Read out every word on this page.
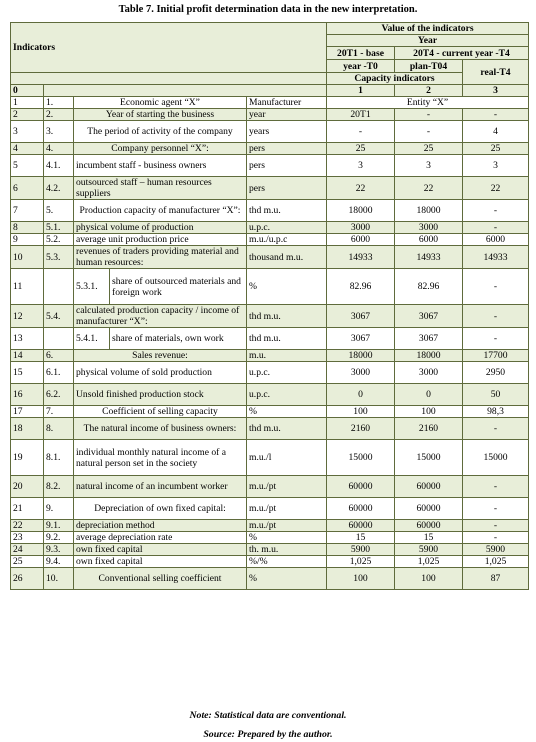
Table 7. Initial profit determination data in the new interpretation.
Indicators					Value of the indicators		
					Year		
					20T1 - base	20T4 - current year -T4	
					year -T0	plan-T04	real-T4
					Capacity indicators		
0					1	2	3
1	1.	Economic agent “X”		Manufacturer	Entity “X”		
2	2.	Year of starting the business		year	20T1	-	-
3	3.	The period of activity of the company		years	-	-	4
4	4.	Company personnel “X”:		pers	25	25	25
5	4.1.	incumbent staff - business owners		pers	3	3	3
6	4.2.	outsourced staff – human resources suppliers		pers	22	22	22
7	5.	Production capacity of manufacturer “X”:		thd m.u.	18000	18000	-
8	5.1.	physical volume of production		u.p.c.	3000	3000	-
9	5.2.	average unit production price		m.u./u.p.c	6000	6000	6000
10	5.3.	revenues of traders providing material and human resources:		thousand m.u.	14933	14933	14933
11		5.3.1.	share of outsourced materials and foreign work	%	82.96	82.96	-
12	5.4.	calculated production capacity / income of manufacturer “X”:		thd m.u.	3067	3067	-
13		5.4.1.	share of materials, own work	thd m.u.	3067	3067	-
14	6.	Sales revenue:		m.u.	18000	18000	17700
15	6.1.	physical volume of sold production		u.p.c.	3000	3000	2950
16	6.2.	Unsold finished production stock		u.p.c.	0	0	50
17	7.	Coefficient of selling capacity		%	100	100	98,3
18	8.	The natural income of business owners:		thd m.u.	2160	2160	-
19	8.1.	individual monthly natural income of a natural person set in the society		m.u./l	15000	15000	15000
20	8.2.	natural income of an incumbent worker		m.u./pt	60000	60000	-
21	9.	Depreciation of own fixed capital:		m.u./pt	60000	60000	-
22	9.1.	depreciation method		m.u./pt	60000	60000	-
23	9.2.	average depreciation rate		%	15	15	-
24	9.3.	own fixed capital		th. m.u.	5900	5900	5900
25	9.4.	own fixed capital		%/%	1,025	1,025	1,025
26	10.	Conventional selling coefficient		%	100	100	87
Note: Statistical data are conventional.
Source: Prepared by the author.
